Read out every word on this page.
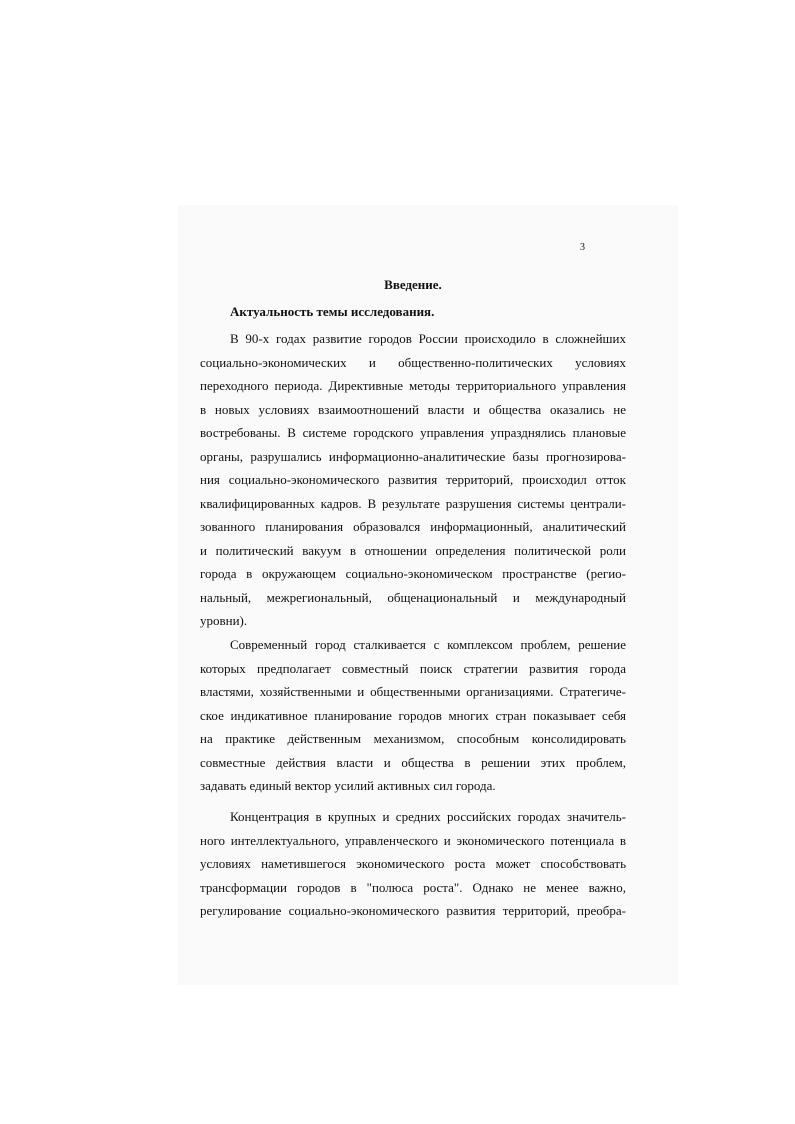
3
Введение.
Актуальность темы исследования.
В 90-х годах развитие городов России происходило в сложнейших
социально-экономических и общественно-политических условиях
переходного периода. Директивные методы территориального управления
в новых условиях взаимоотношений власти и общества оказались не
востребованы. В системе городского управления упразднялись плановые
органы, разрушались информационно-аналитические базы прогнозирова-
ния социально-экономического развития территорий, происходил отток
квалифицированных кадров. В результате разрушения системы централи-
зованного планирования образовался информационный, аналитический
и политический вакуум в отношении определения политической роли
города в окружающем социально-экономическом пространстве (регио-
нальный, межрегиональный, общенациональный и международный
уровни).
Современный город сталкивается с комплексом проблем, решение
которых предполагает совместный поиск стратегии развития города
властями, хозяйственными и общественными организациями. Стратегиче-
ское индикативное планирование городов многих стран показывает себя
на практике действенным механизмом, способным консолидировать
совместные действия власти и общества в решении этих проблем,
задавать единый вектор усилий активных сил города.
Концентрация в крупных и средних российских городах значитель-
ного интеллектуального, управленческого и экономического потенциала в
условиях наметившегося экономического роста может способствовать
трансформации городов в "полюса роста". Однако не менее важно,
регулирование социально-экономического развития территорий, преобра-
